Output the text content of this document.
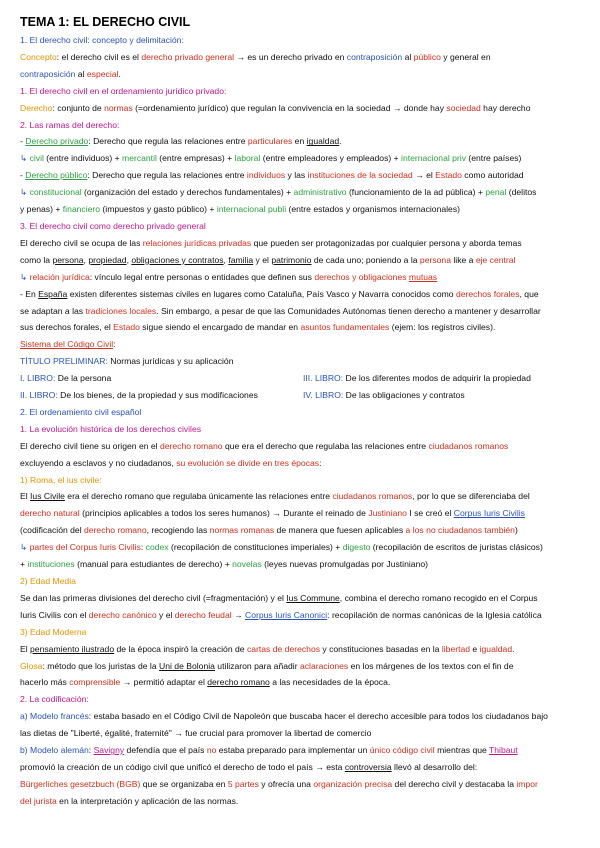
TEMA 1: EL DERECHO CIVIL
1. El derecho civil: concepto y delimitación:
Concepto: el derecho civil es el derecho privado general → es un derecho privado en contraposición al público y general en
contraposición al especial.
1. El derecho civil en el ordenamiento jurídico privado:
Derecho: conjunto de normas (=ordenamiento jurídico) que regulan la convivencia en la sociedad → donde hay sociedad hay derecho
2. Las ramas del derecho:
- Derecho privado: Derecho que regula las relaciones entre particulares en igualdad.
↳ civil (entre individuos) + mercantil (entre empresas) + laboral (entre empleadores y empleados) + internacional priv (entre países)
- Derecho público: Derecho que regula las relaciones entre individuos y las instituciones de la sociedad → el Estado como autoridad
↳ constitucional (organización del estado y derechos fundamentales) + administrativo (funcionamiento de la ad pública) + penal (delitos
y penas) + financiero (impuestos y gasto público) + internacional publi (entre estados y organismos internacionales)
3. El derecho civil como derecho privado general
El derecho civil se ocupa de las relaciones jurídicas privadas que pueden ser protagonizadas por cualquier persona y aborda temas
como la persona, propiedad, obligaciones y contratos, familia y el patrimonio de cada uno; poniendo a la persona like a eje central
↳ relación jurídica: vínculo legal entre personas o entidades que definen sus derechos y obligaciones mutuas
- En España existen diferentes sistemas civiles en lugares como Cataluña, País Vasco y Navarra conocidos como derechos forales, que
se adaptan a las tradiciones locales. Sin embargo, a pesar de que las Comunidades Autónomas tienen derecho a mantener y desarrollar
sus derechos forales, el Estado sigue siendo el encargado de mandar en asuntos fundamentales (ejem: los registros civiles).
Sistema del Código Civil:
TÍTULO PRELIMINAR: Normas jurídicas y su aplicación
I. LIBRO: De la persona	III. LIBRO: De los diferentes modos de adquirir la propiedad
II. LIBRO: De los bienes, de la propiedad y sus modificaciones	IV. LIBRO: De las obligaciones y contratos
2. El ordenamiento civil español
1. La evolución histórica de los derechos civiles
El derecho civil tiene su origen en el derecho romano que era el derecho que regulaba las relaciones entre ciudadanos romanos
excluyendo a esclavos y no ciudadanos, su evolución se divide en tres épocas:
1) Roma, el ius civile:
El Ius Civile era el derecho romano que regulaba únicamente las relaciones entre ciudadanos romanos, por lo que se diferenciaba del
derecho natural (principios aplicables a todos los seres humanos) → Durante el reinado de Justiniano I se creó el Corpus Iuris Civilis
(codificación del derecho romano, recogiendo las normas romanas de manera que fuesen aplicables a los no ciudadanos también)
↳ partes del Corpus Iuris Civilis: codex (recopilación de constituciones imperiales) + digesto (recopilación de escritos de juristas clásicos)
+ instituciones (manual para estudiantes de derecho) + novelas (leyes nuevas promulgadas por Justiniano)
2) Edad Media
Se dan las primeras divisiones del derecho civil (=fragmentación) y el Ius Commune, combina el derecho romano recogido en el Corpus
Iuris Civilis con el derecho canónico y el derecho feudal → Corpus Iuris Canonici: recopilación de normas canónicas de la Iglesia católica
3) Edad Moderna
El pensamiento ilustrado de la época inspiró la creación de cartas de derechos y constituciones basadas en la libertad e igualdad.
Glosa: método que los juristas de la Uni de Bolonia utilizaron para añadir aclaraciones en los márgenes de los textos con el fin de
hacerlo más comprensible → permitió adaptar el derecho romano a las necesidades de la época.
2. La codificación:
a) Modelo francés: estaba basado en el Código Civil de Napoleón que buscaba hacer el derecho accesible para todos los ciudadanos bajo
las dietas de "Liberté, égalité, fraternité" → fue crucial para promover la libertad de comercio
b) Modelo alemán: Savigny defendía que el país no estaba preparado para implementar un único código civil mientras que Thibaut
promovió la creación de un código civil que unificó el derecho de todo el país → esta controversia llevó al desarrollo del:
Bürgerliches gesetzbuch (BGB) que se organizaba en 5 partes y ofrecía una organización precisa del derecho civil y destacaba la impor
del jurista en la interpretación y aplicación de las normas.
